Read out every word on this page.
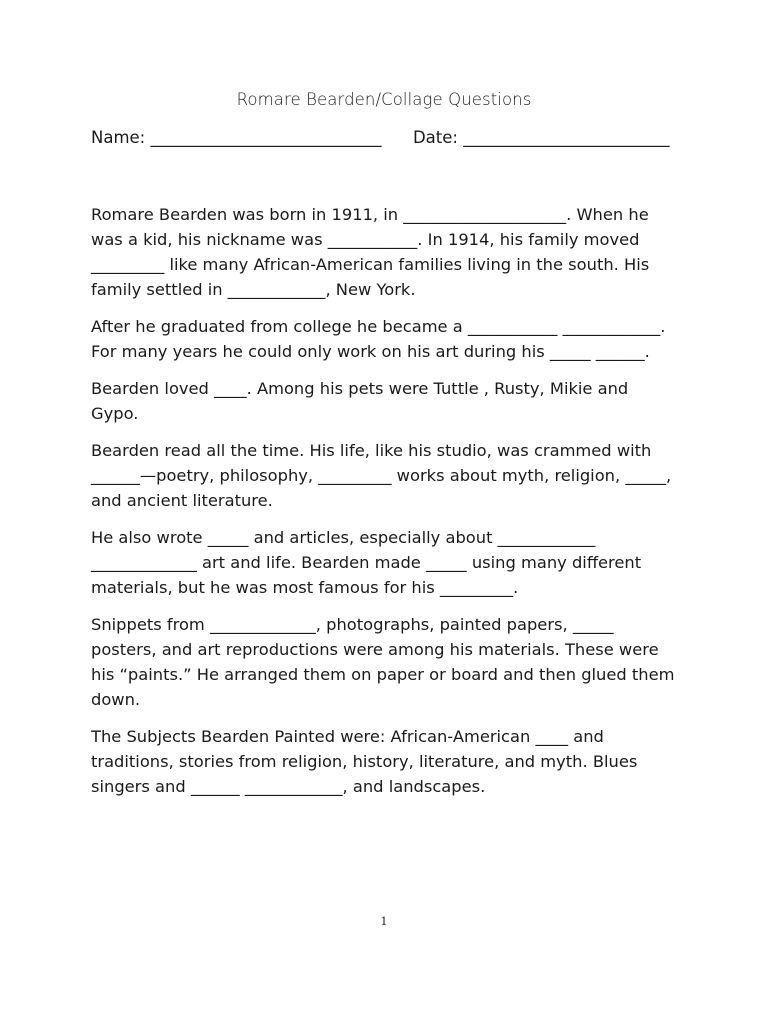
Romare Bearden/Collage Questions
Name: ____________________________ Date: _________________________

Romare Bearden was born in 1911, in ____________________. When he was a kid, his nickname was ___________. In 1914, his family moved _________ like many African-American families living in the south. His family settled in ____________, New York.

After he graduated from college he became a ___________ ____________. For many years he could only work on his art during his _____ ______.

Bearden loved ____. Among his pets were Tuttle , Rusty, Mikie and Gypo.

Bearden read all the time. His life, like his studio, was crammed with ______—poetry, philosophy, _________ works about myth, religion, _____, and ancient literature.

He also wrote _____ and articles, especially about ____________ _____________ art and life. Bearden made _____ using many different materials, but he was most famous for his _________.

Snippets from _____________, photographs, painted papers, _____ posters, and art reproductions were among his materials. These were his “paints.” He arranged them on paper or board and then glued them down.

The Subjects Bearden Painted were: African-American ____ and traditions, stories from religion, history, literature, and myth. Blues singers and ______ ____________, and landscapes.

1
